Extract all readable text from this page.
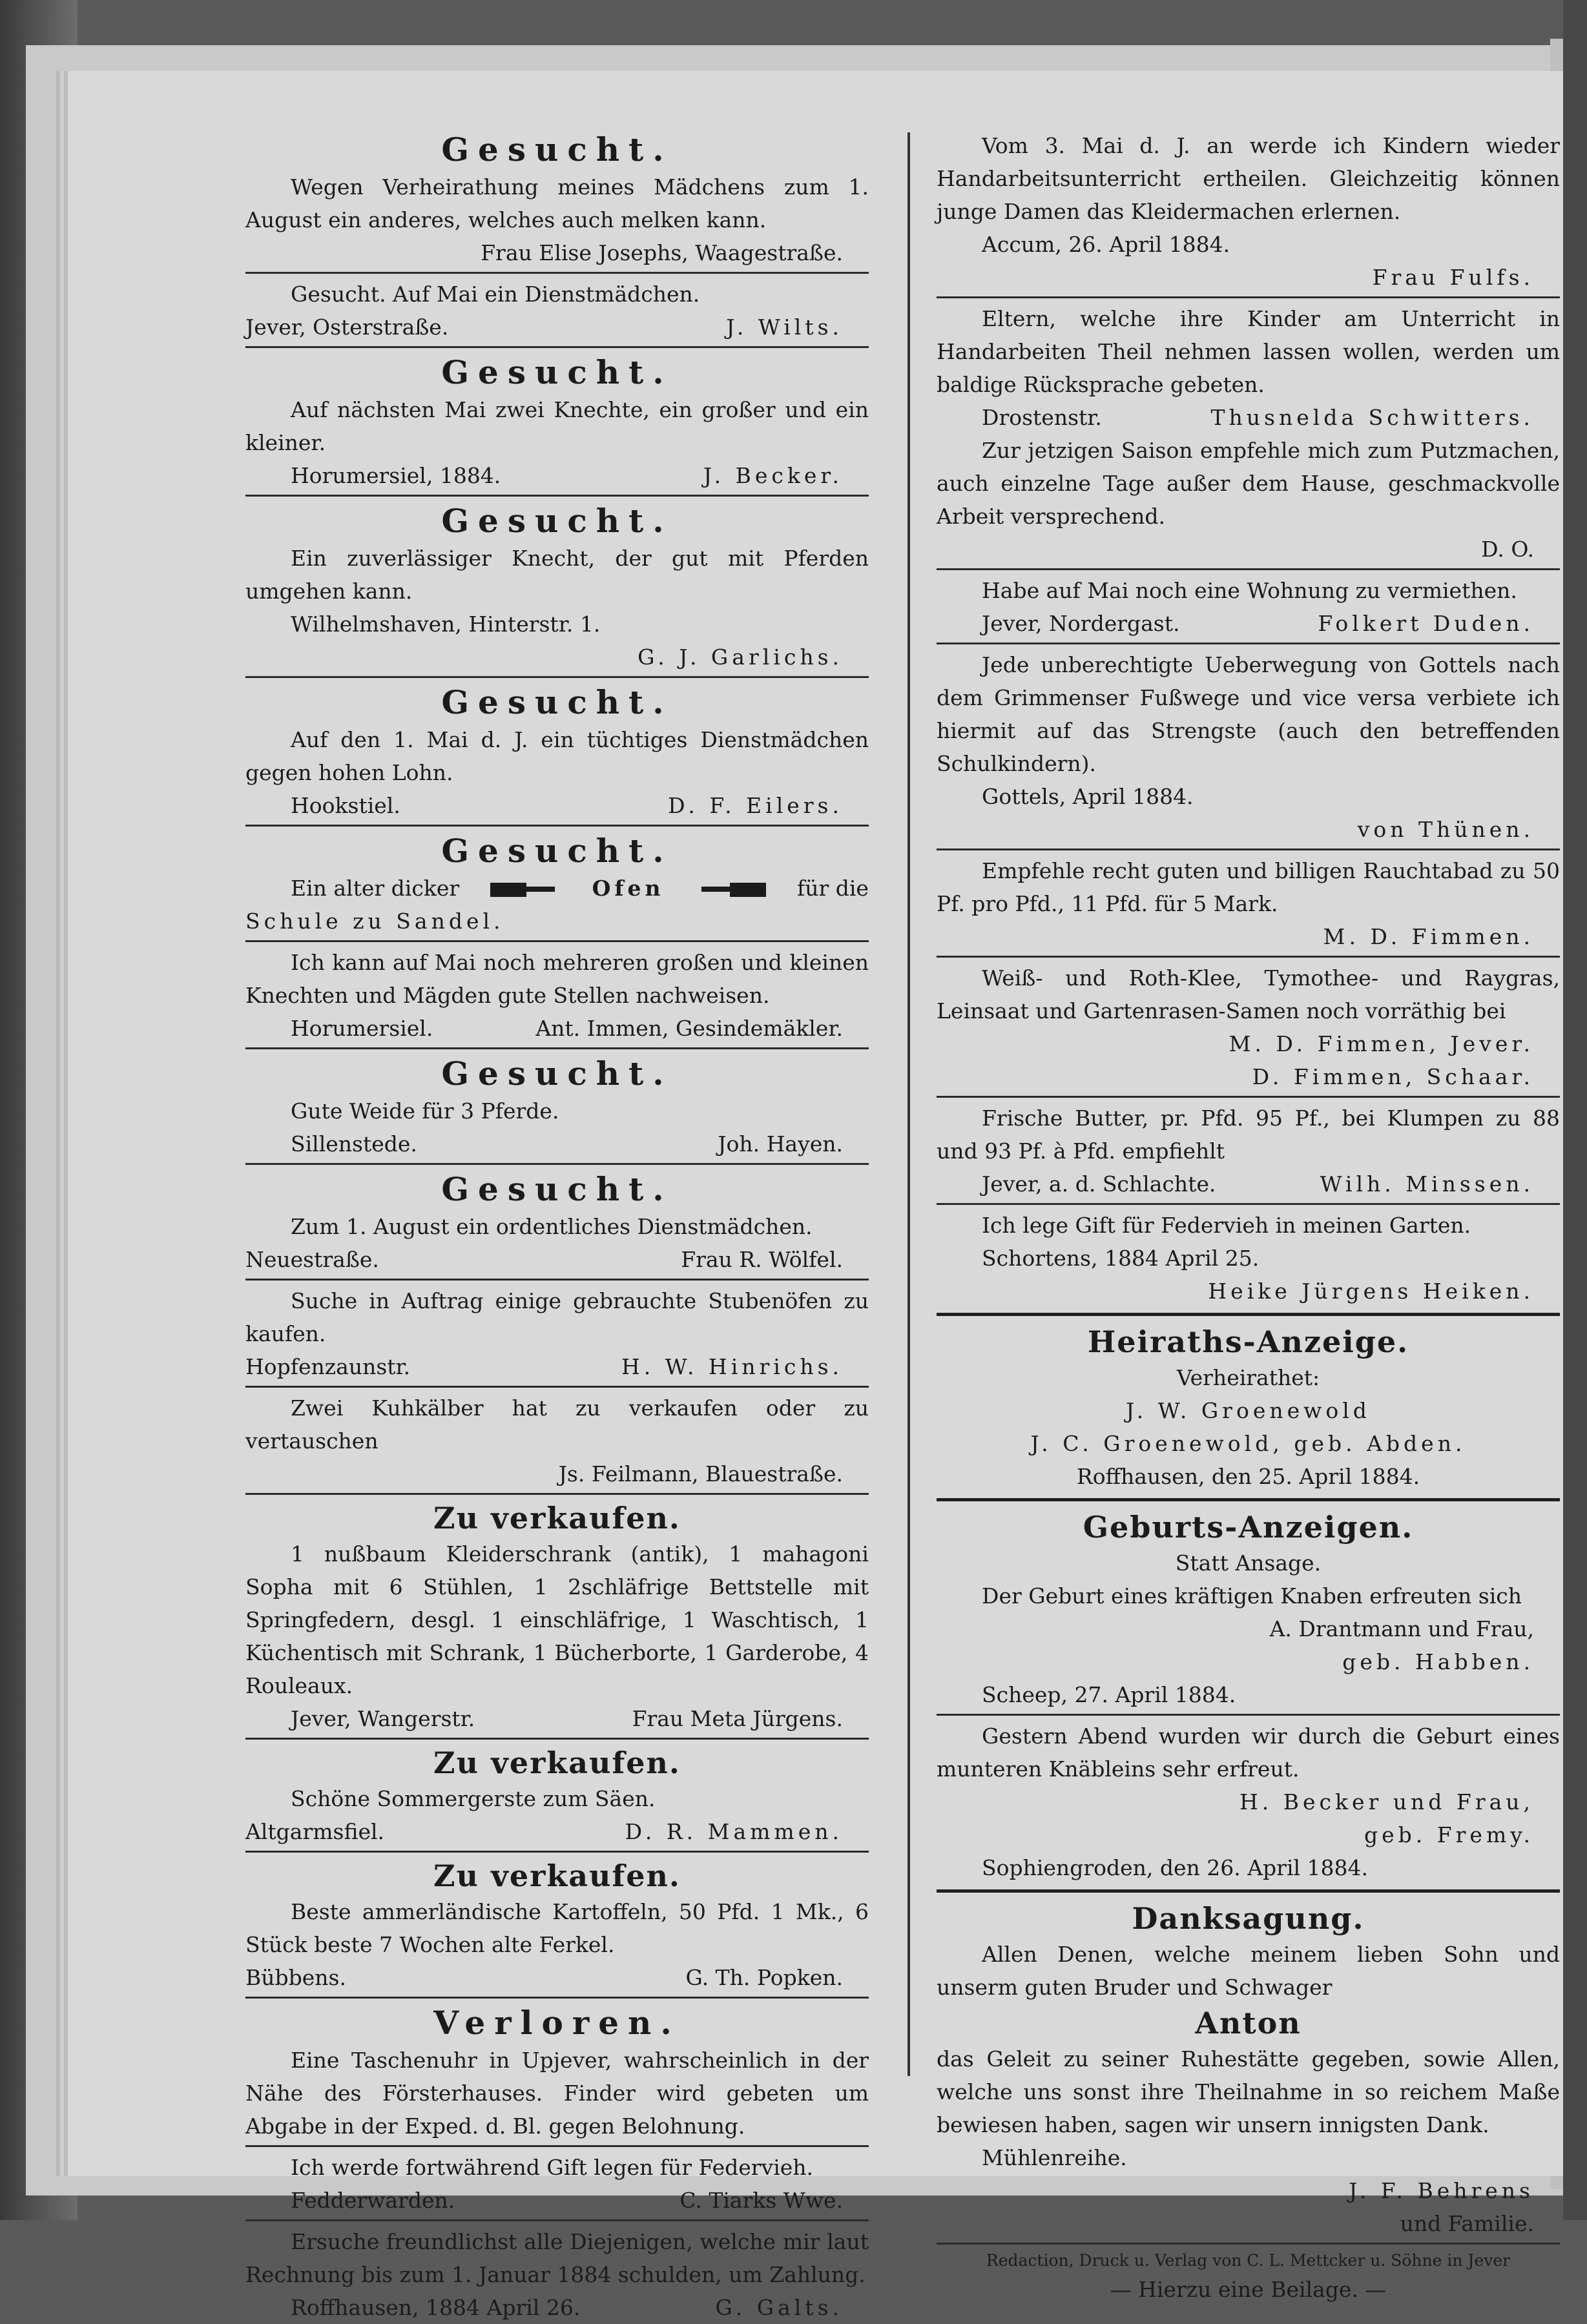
Gesucht.
Wegen Verheirathung meines Mädchens zum 1. August ein anderes, welches auch melken kann.
Frau Elise Josephs, Waagestraße.
Gesucht. Auf Mai ein Dienstmädchen.
Jever, Osterstraße.	J. Wilts.
Gesucht.
Auf nächsten Mai zwei Knechte, ein großer und ein kleiner.
Horumersiel, 1884.	J. Becker.
Gesucht.
Ein zuverlässiger Knecht, der gut mit Pferden umgehen kann.
Wilhelmshaven, Hinterstr. 1.
G. J. Garlichs.
Gesucht.
Auf den 1. Mai d. J. ein tüchtiges Dienstmädchen gegen hohen Lohn.
Hookstiel.	D. F. Eilers.
Gesucht.
Ein alter dicker	Ofen	für die
Schule zu Sandel.
Ich kann auf Mai noch mehreren großen und kleinen Knechten und Mägden gute Stellen nachweisen.
Horumersiel.	Ant. Immen, Gesindemäkler.
Gesucht.
Gute Weide für 3 Pferde.
Sillenstede.	Joh. Hayen.
Gesucht.
Zum 1. August ein ordentliches Dienstmädchen.
Neuestraße.	Frau R. Wölfel.
Suche in Auftrag einige gebrauchte Stubenöfen zu kaufen.
Hopfenzaunstr.	H. W. Hinrichs.
Zwei Kuhkälber hat zu verkaufen oder zu vertauschen
Js. Feilmann, Blauestraße.
Zu verkaufen.
1 nußbaum Kleiderschrank (antik), 1 mahagoni Sopha mit 6 Stühlen, 1 2schläfrige Bettstelle mit Springfedern, desgl. 1 einschläfrige, 1 Waschtisch, 1 Küchentisch mit Schrank, 1 Bücherborte, 1 Garderobe, 4 Rouleaux.
Jever, Wangerstr.	Frau Meta Jürgens.
Zu verkaufen.
Schöne Sommergerste zum Säen.
Altgarmsfiel.	D. R. Mammen.
Zu verkaufen.
Beste ammerländische Kartoffeln, 50 Pfd. 1 Mk., 6 Stück beste 7 Wochen alte Ferkel.
Bübbens.	G. Th. Popken.
Verloren.
Eine Taschenuhr in Upjever, wahrscheinlich in der Nähe des Försterhauses. Finder wird gebeten um Abgabe in der Exped. d. Bl. gegen Belohnung.
Ich werde fortwährend Gift legen für Federvieh.
Fedderwarden.	C. Tiarks Wwe.
Ersuche freundlichst alle Diejenigen, welche mir laut Rechnung bis zum 1. Januar 1884 schulden, um Zahlung.
Roffhausen, 1884 April 26.	G. Galts.
Vom 3. Mai d. J. an werde ich Kindern wieder Handarbeitsunterricht ertheilen. Gleichzeitig können junge Damen das Kleidermachen erlernen.
Accum, 26. April 1884.
Frau Fulfs.
Eltern, welche ihre Kinder am Unterricht in Handarbeiten Theil nehmen lassen wollen, werden um baldige Rücksprache gebeten.
Drostenstr.	Thusnelda Schwitters.
Zur jetzigen Saison empfehle mich zum Putzmachen, auch einzelne Tage außer dem Hause, geschmackvolle Arbeit versprechend.
D. O.
Habe auf Mai noch eine Wohnung zu vermiethen.
Jever, Nordergast.	Folkert Duden.
Jede unberechtigte Ueberwegung von Gottels nach dem Grimmenser Fußwege und vice versa verbiete ich hiermit auf das Strengste (auch den betreffenden Schulkindern).
Gottels, April 1884.
von Thünen.
Empfehle recht guten und billigen Rauchtabad zu 50 Pf. pro Pfd., 11 Pfd. für 5 Mark.
M. D. Fimmen.
Weiß- und Roth-Klee, Tymothee- und Raygras, Leinsaat und Gartenrasen-Samen noch vorräthig bei
M. D. Fimmen, Jever.
D. Fimmen, Schaar.
Frische Butter, pr. Pfd. 95 Pf., bei Klumpen zu 88 und 93 Pf. à Pfd. empfiehlt
Jever, a. d. Schlachte.	Wilh. Minssen.
Ich lege Gift für Federvieh in meinen Garten.
Schortens, 1884 April 25.
Heike Jürgens Heiken.
Heiraths-Anzeige.
Verheirathet:
J. W. Groenewold
J. C. Groenewold, geb. Abden.
Roffhausen, den 25. April 1884.
Geburts-Anzeigen.
Statt Ansage.
Der Geburt eines kräftigen Knaben erfreuten sich
A. Drantmann und Frau,
geb. Habben.
Scheep, 27. April 1884.
Gestern Abend wurden wir durch die Geburt eines munteren Knäbleins sehr erfreut.
H. Becker und Frau,
geb. Fremy.
Sophiengroden, den 26. April 1884.
Danksagung.
Allen Denen, welche meinem lieben Sohn und unserm guten Bruder und Schwager
Anton
das Geleit zu seiner Ruhestätte gegeben, sowie Allen, welche uns sonst ihre Theilnahme in so reichem Maße bewiesen haben, sagen wir unsern innigsten Dank.
Mühlenreihe.
J. F. Behrens
und Familie.
Redaction, Druck u. Verlag von C. L. Mettcker u. Söhne in Jever
— Hierzu eine Beilage. —
